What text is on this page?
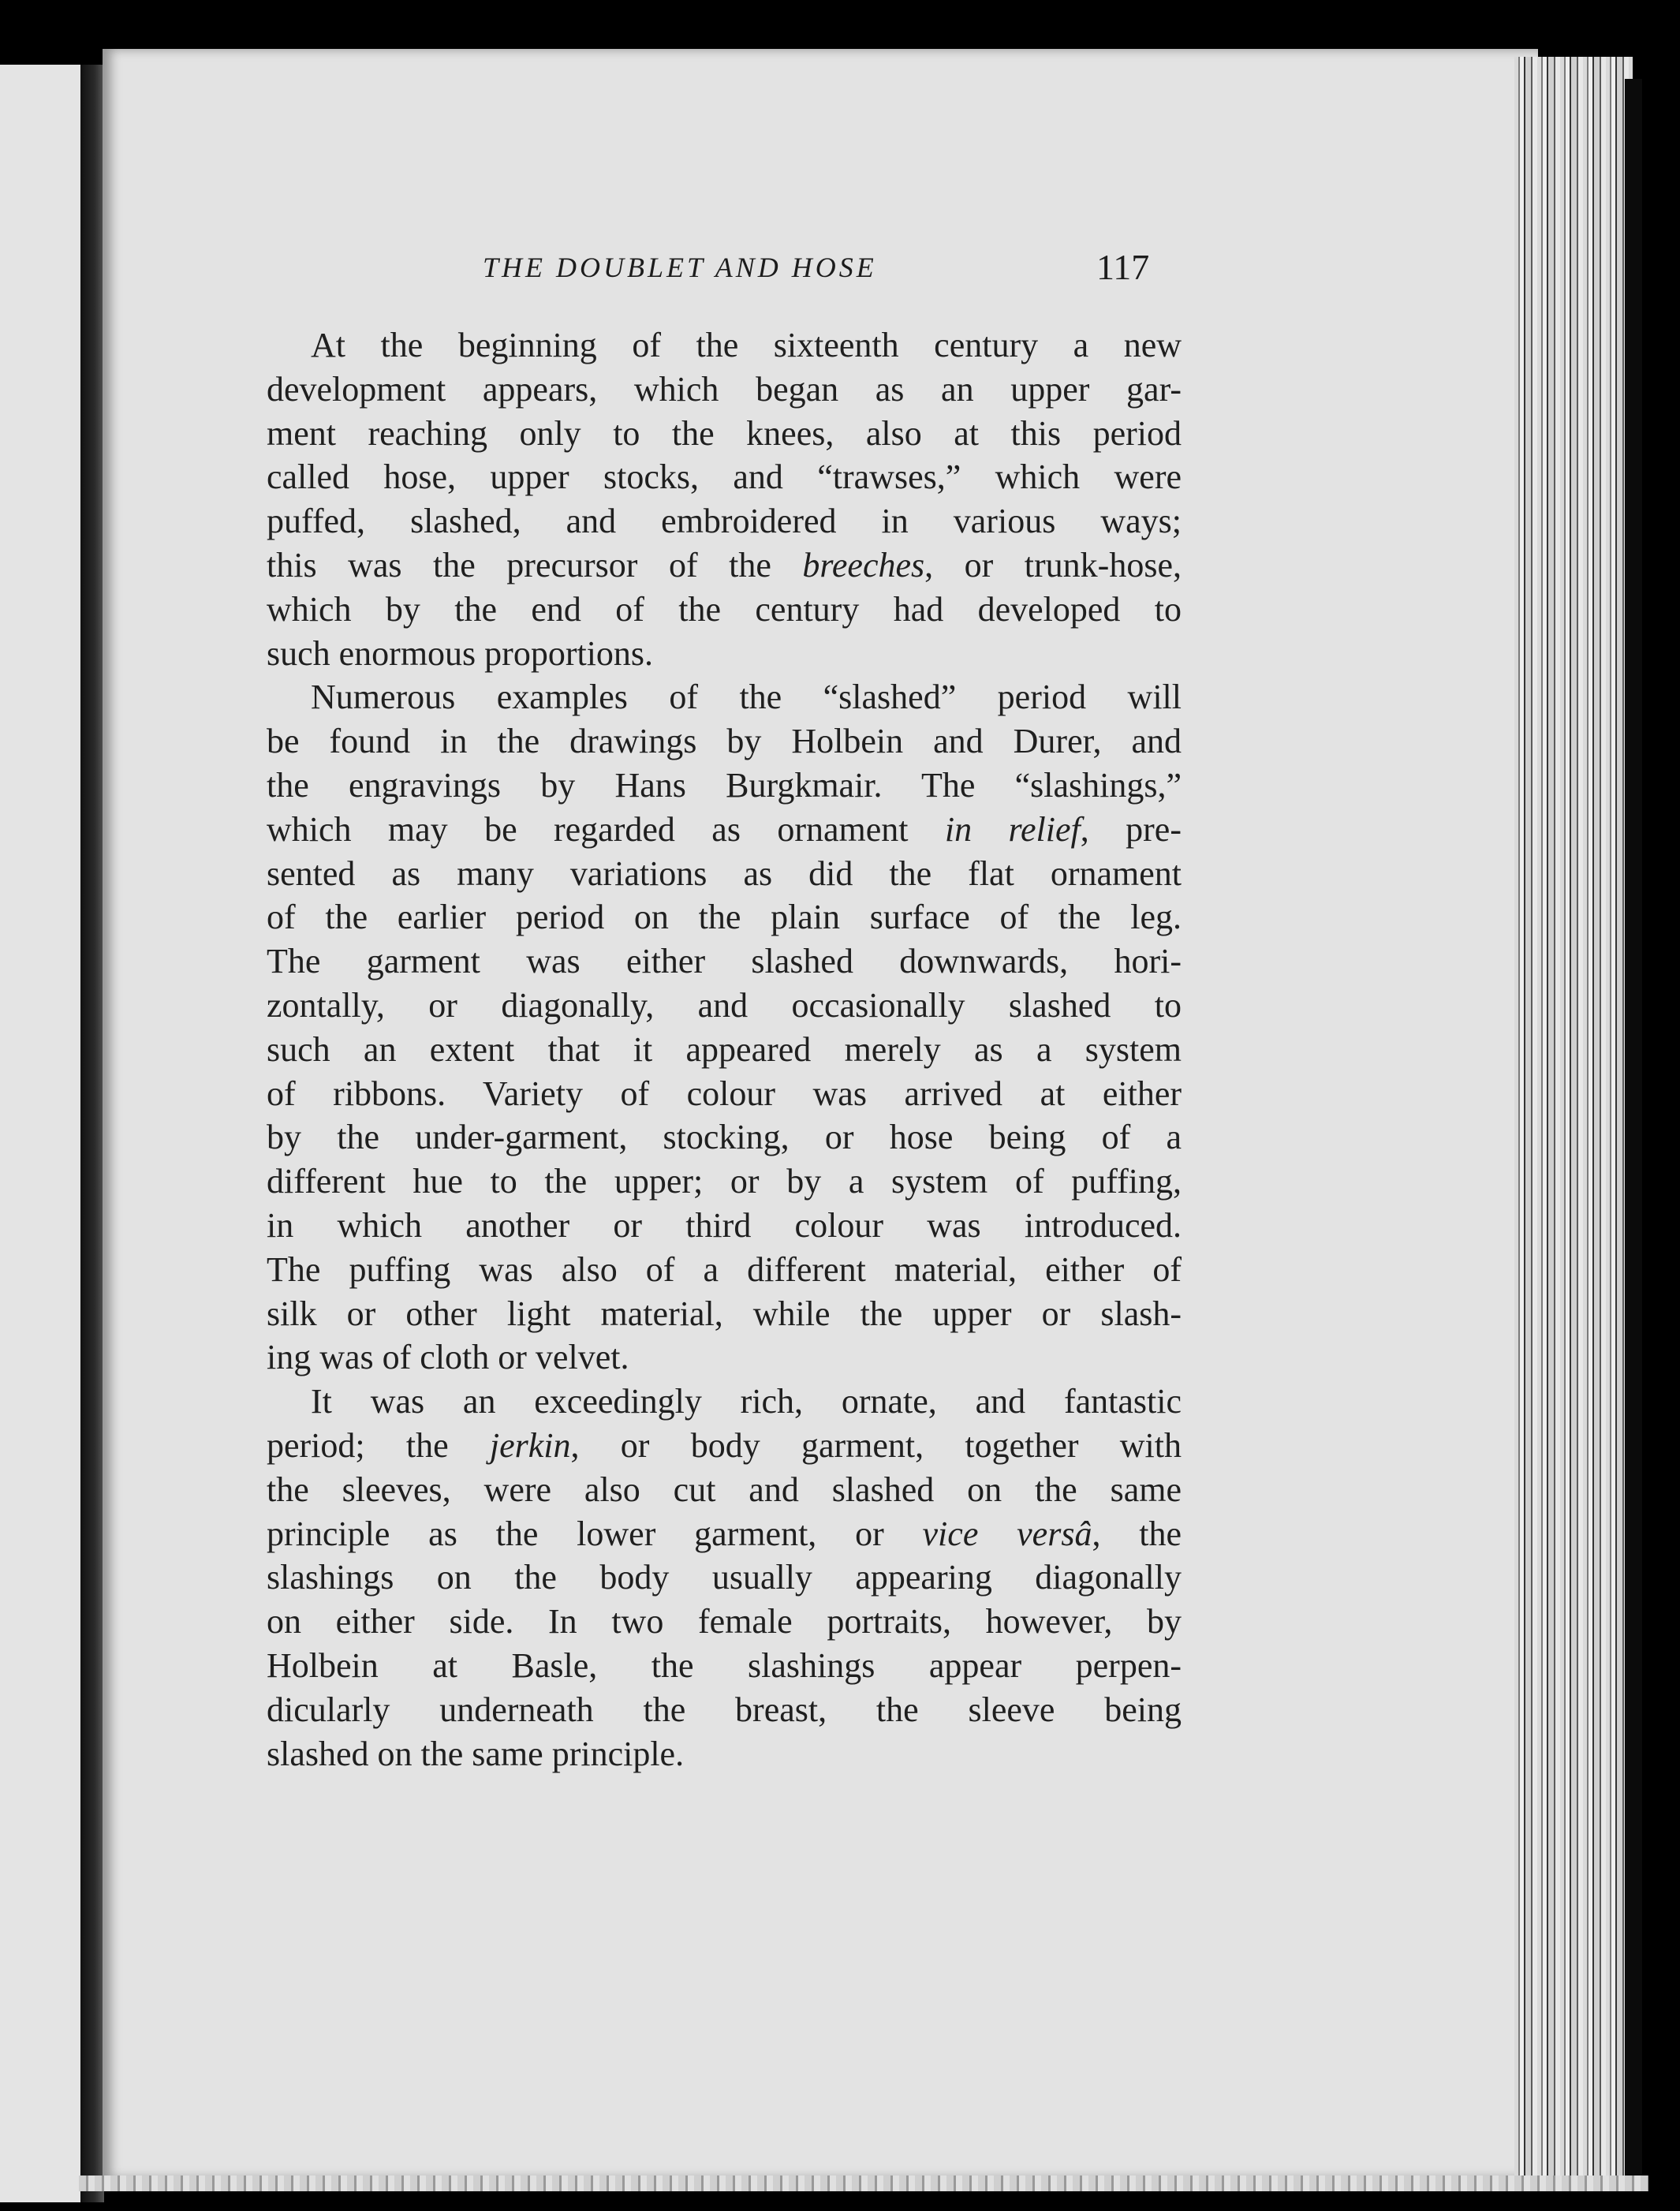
THE DOUBLET AND HOSE	117
At the beginning of the sixteenth century a new
development appears, which began as an upper gar-
ment reaching only to the knees, also at this period
called hose, upper stocks, and “trawses,” which were
puffed, slashed, and embroidered in various ways;
this was the precursor of the breeches, or trunk-hose,
which by the end of the century had developed to
such enormous proportions.
Numerous examples of the “slashed” period will
be found in the drawings by Holbein and Durer, and
the engravings by Hans Burgkmair. The “slashings,”
which may be regarded as ornament in relief, pre-
sented as many variations as did the flat ornament
of the earlier period on the plain surface of the leg.
The garment was either slashed downwards, hori-
zontally, or diagonally, and occasionally slashed to
such an extent that it appeared merely as a system
of ribbons. Variety of colour was arrived at either
by the under-garment, stocking, or hose being of a
different hue to the upper; or by a system of puffing,
in which another or third colour was introduced.
The puffing was also of a different material, either of
silk or other light material, while the upper or slash-
ing was of cloth or velvet.
It was an exceedingly rich, ornate, and fantastic
period; the jerkin, or body garment, together with
the sleeves, were also cut and slashed on the same
principle as the lower garment, or vice versâ, the
slashings on the body usually appearing diagonally
on either side. In two female portraits, however, by
Holbein at Basle, the slashings appear perpen-
dicularly underneath the breast, the sleeve being
slashed on the same principle.
